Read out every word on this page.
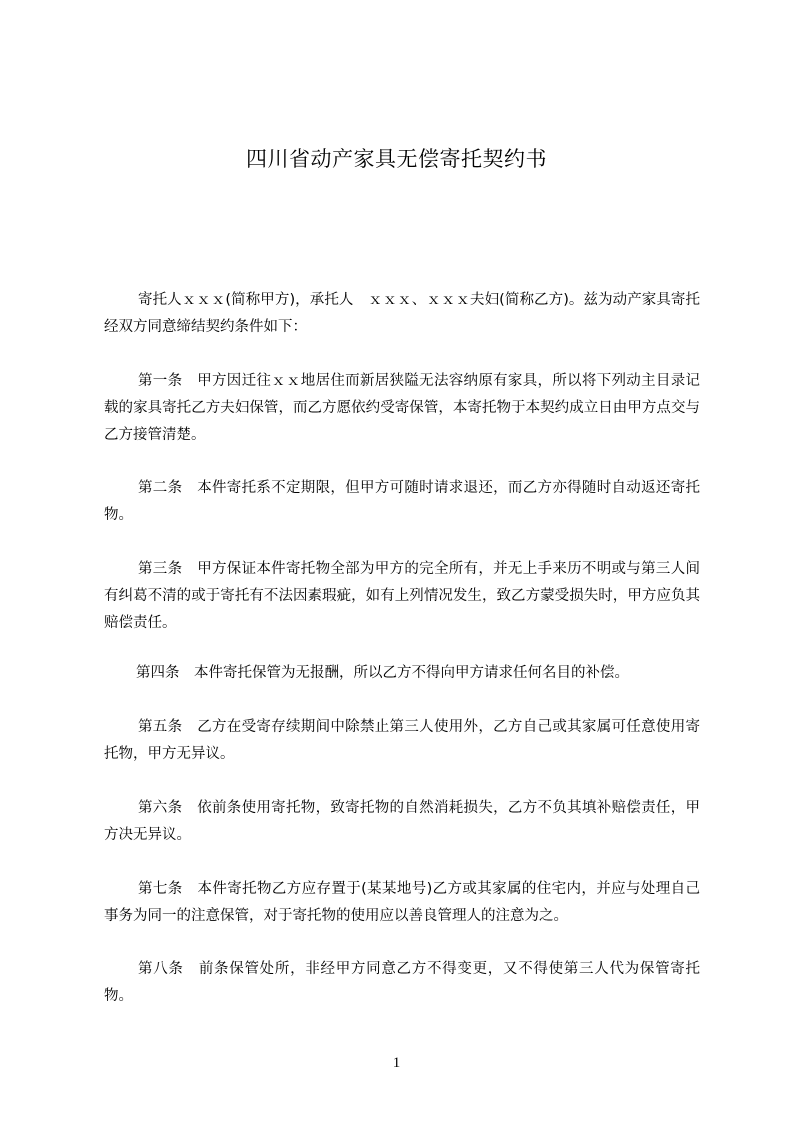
四川省动产家具无偿寄托契约书
寄托人ｘｘｘ(简称甲方)，承托人　ｘｘｘ、ｘｘｘ夫妇(简称乙方)。兹为动产家具寄托经双方同意缔结契约条件如下：
第一条　甲方因迁往ｘｘ地居住而新居狭隘无法容纳原有家具，所以将下列动主目录记载的家具寄托乙方夫妇保管，而乙方愿依约受寄保管，本寄托物于本契约成立日由甲方点交与乙方接管清楚。
第二条　本件寄托系不定期限，但甲方可随时请求退还，而乙方亦得随时自动返还寄托物。
第三条　甲方保证本件寄托物全部为甲方的完全所有，并无上手来历不明或与第三人间有纠葛不清的或于寄托有不法因素瑕疵，如有上列情况发生，致乙方蒙受损失时，甲方应负其赔偿责任。
第四条　本件寄托保管为无报酬，所以乙方不得向甲方请求任何名目的补偿。
第五条　乙方在受寄存续期间中除禁止第三人使用外，乙方自己或其家属可任意使用寄托物，甲方无异议。
第六条　依前条使用寄托物，致寄托物的自然消耗损失，乙方不负其填补赔偿责任，甲方决无异议。
第七条　本件寄托物乙方应存置于(某某地号)乙方或其家属的住宅内，并应与处理自己事务为同一的注意保管，对于寄托物的使用应以善良管理人的注意为之。
第八条　前条保管处所，非经甲方同意乙方不得变更，又不得使第三人代为保管寄托物。
1
